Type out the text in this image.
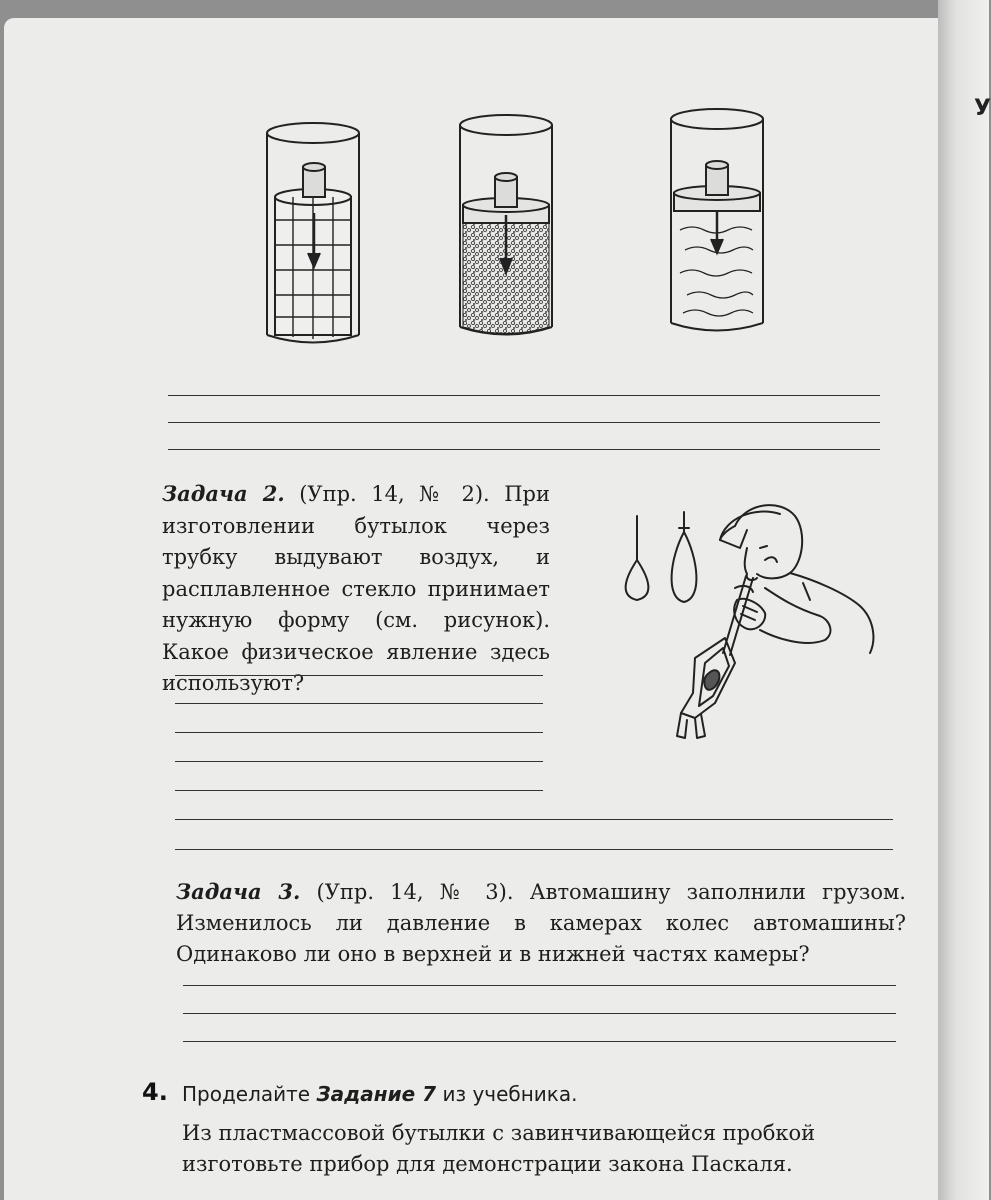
У
Задача 2. (Упр. 14, № 2). При изготовлении бутылок через трубку выдувают воздух, и расплавленное стекло принимает нужную форму (см. рисунок). Какое физическое явление здесь используют?
Задача 3. (Упр. 14, № 3). Автомашину заполнили грузом. Изменилось ли давление в камерах колес автомашины? Одинаково ли оно в верхней и в нижней частях камеры?
4. Проделайте Задание 7 из учебника.
Из пластмассовой бутылки с завинчивающейся пробкой изготовьте прибор для демонстрации закона Паскаля.
